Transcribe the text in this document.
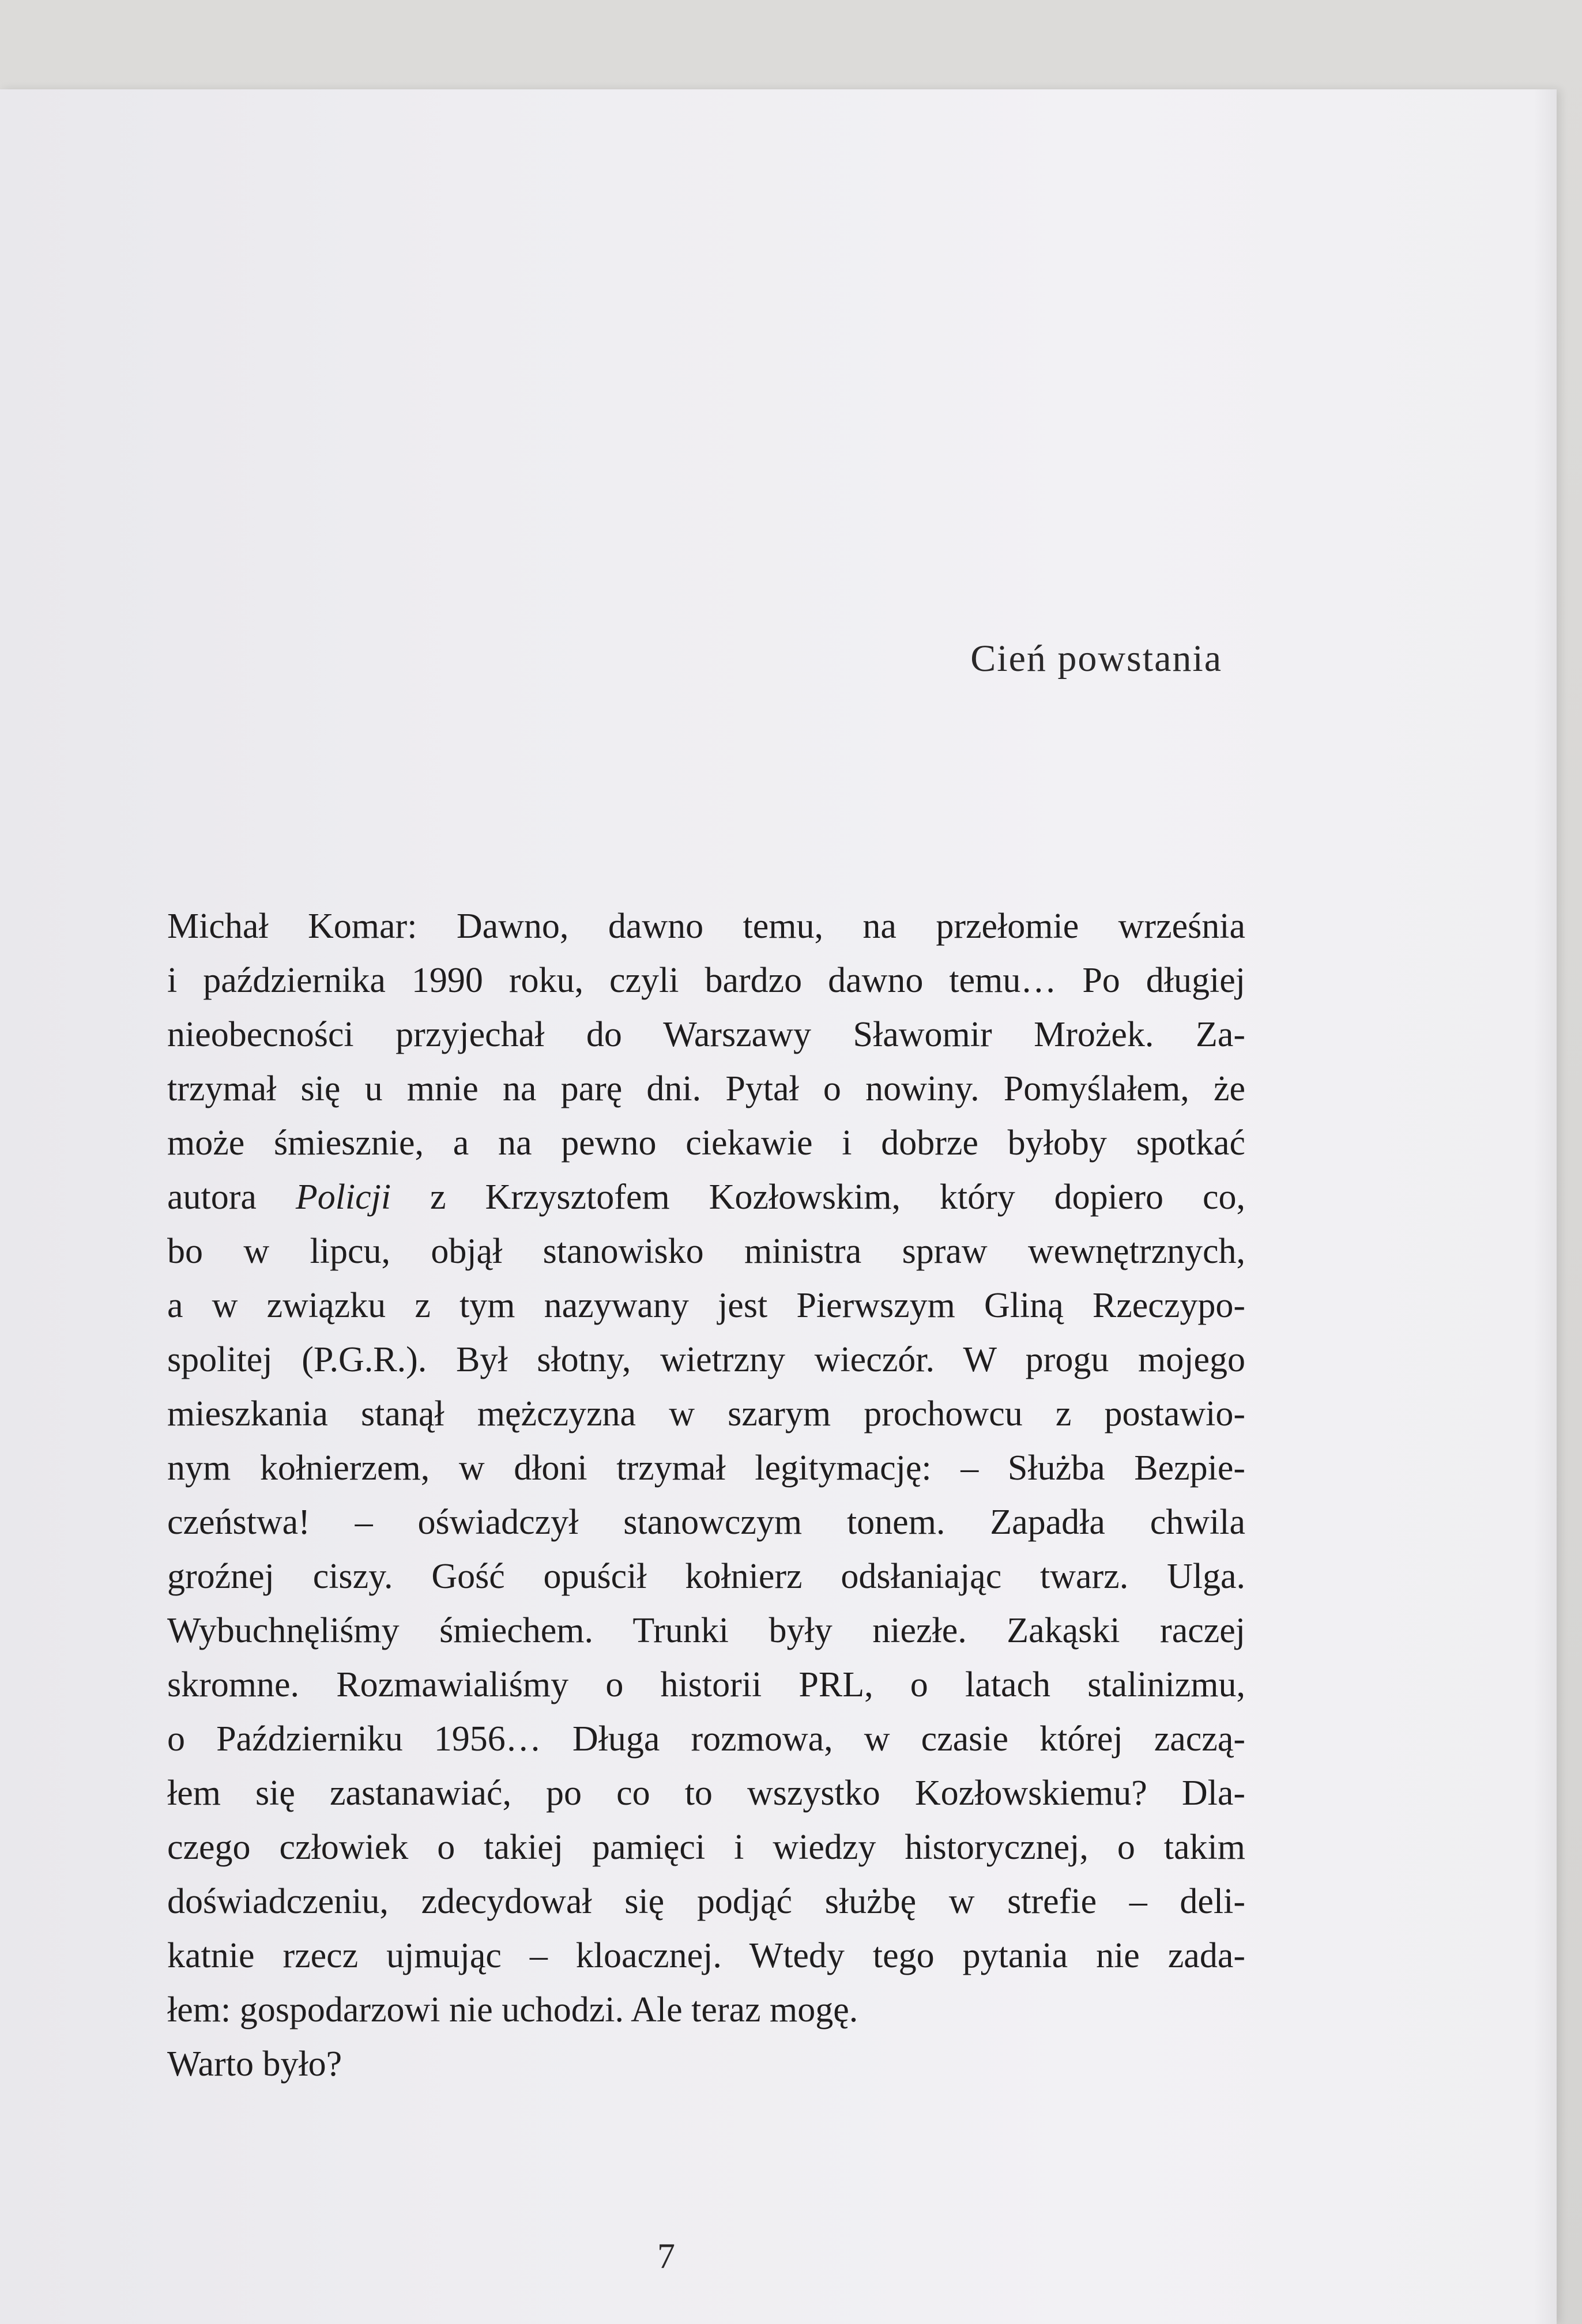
Cień powstania
Michał Komar: Dawno, dawno temu, na przełomie września
i października 1990 roku, czyli bardzo dawno temu… Po długiej
nieobecności przyjechał do Warszawy Sławomir Mrożek. Za-
trzymał się u mnie na parę dni. Pytał o nowiny. Pomyślałem, że
może śmiesznie, a na pewno ciekawie i dobrze byłoby spotkać
autora Policji z Krzysztofem Kozłowskim, który dopiero co,
bo w lipcu, objął stanowisko ministra spraw wewnętrznych,
a w związku z tym nazywany jest Pierwszym Gliną Rzeczypo-
spolitej (P.G.R.). Był słotny, wietrzny wieczór. W progu mojego
mieszkania stanął mężczyzna w szarym prochowcu z postawio-
nym kołnierzem, w dłoni trzymał legitymację: – Służba Bezpie-
czeństwa! – oświadczył stanowczym tonem. Zapadła chwila
groźnej ciszy. Gość opuścił kołnierz odsłaniając twarz. Ulga.
Wybuchnęliśmy śmiechem. Trunki były niezłe. Zakąski raczej
skromne. Rozmawialiśmy o historii PRL, o latach stalinizmu,
o Październiku 1956… Długa rozmowa, w czasie której zaczą-
łem się zastanawiać, po co to wszystko Kozłowskiemu? Dla-
czego człowiek o takiej pamięci i wiedzy historycznej, o takim
doświadczeniu, zdecydował się podjąć służbę w strefie – deli-
katnie rzecz ujmując – kloacznej. Wtedy tego pytania nie zada-
łem: gospodarzowi nie uchodzi. Ale teraz mogę.
Warto było?
7
